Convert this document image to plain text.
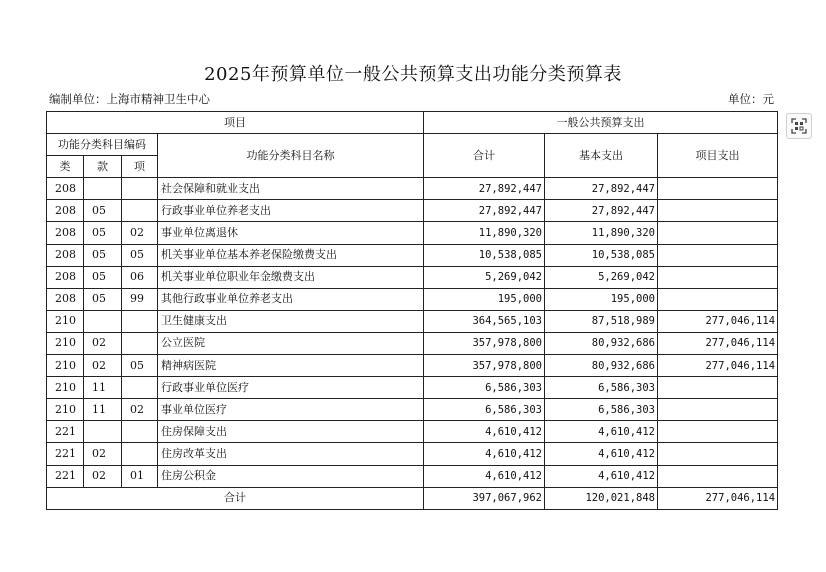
2025年预算单位一般公共预算支出功能分类预算表
编制单位：上海市精神卫生中心	单位：元
项目				一般公共预算支出		
功能分类科目编码			功能分类科目名称	合计	基本支出	项目支出
类	款	项				
208			社会保障和就业支出	27,892,447	27,892,447	
208	05		行政事业单位养老支出	27,892,447	27,892,447	
208	05	02	事业单位离退休	11,890,320	11,890,320	
208	05	05	机关事业单位基本养老保险缴费支出	10,538,085	10,538,085	
208	05	06	机关事业单位职业年金缴费支出	5,269,042	5,269,042	
208	05	99	其他行政事业单位养老支出	195,000	195,000	
210			卫生健康支出	364,565,103	87,518,989	277,046,114
210	02		公立医院	357,978,800	80,932,686	277,046,114
210	02	05	精神病医院	357,978,800	80,932,686	277,046,114
210	11		行政事业单位医疗	6,586,303	6,586,303	
210	11	02	事业单位医疗	6,586,303	6,586,303	
221			住房保障支出	4,610,412	4,610,412	
221	02		住房改革支出	4,610,412	4,610,412	
221	02	01	住房公积金	4,610,412	4,610,412	
合计				397,067,962	120,021,848	277,046,114
